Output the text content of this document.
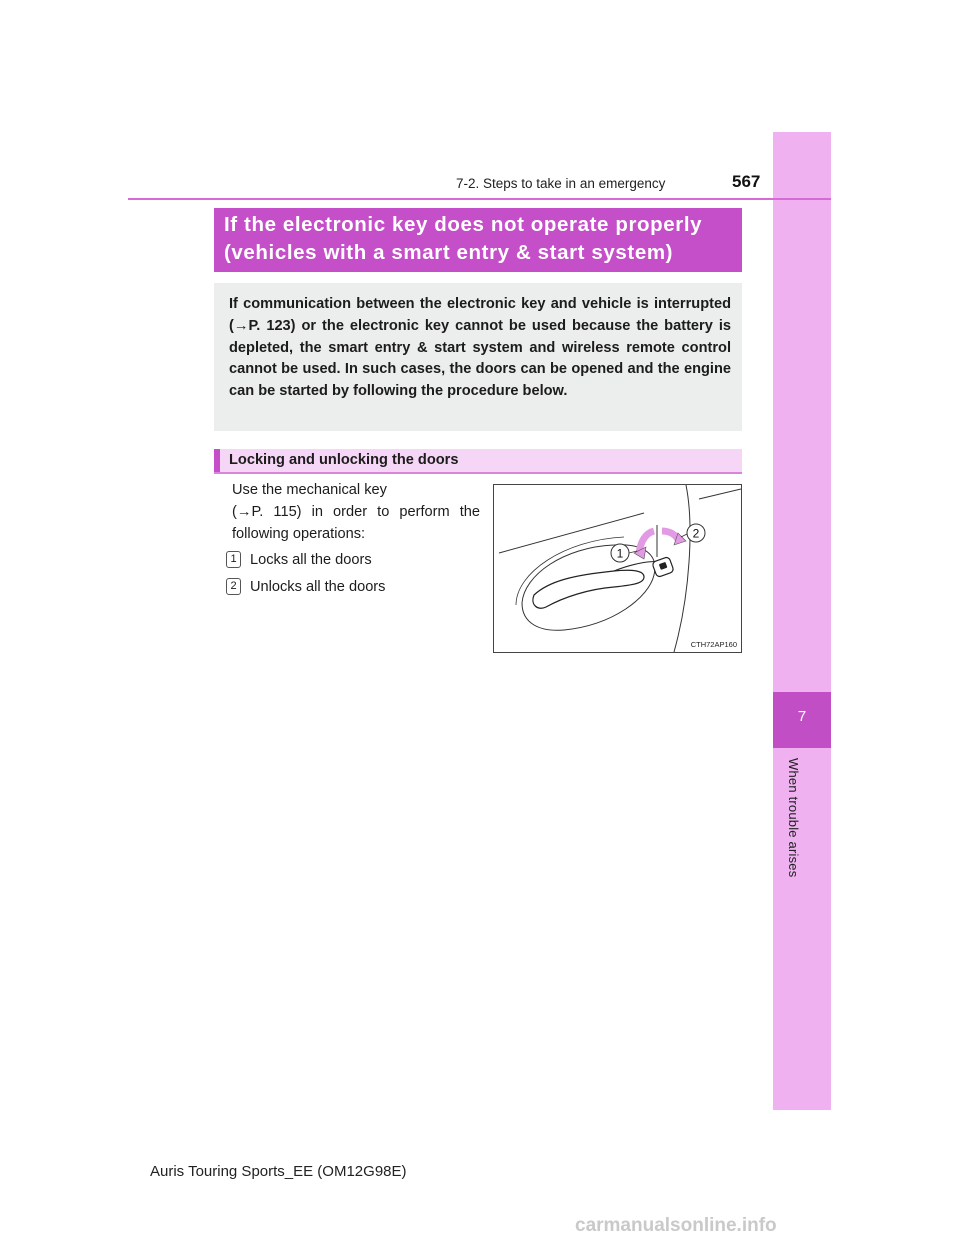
7
When trouble arises
7-2. Steps to take in an emergency	567
If the electronic key does not operate properly
(vehicles with a smart entry & start system)
If communication between the electronic key and vehicle is interrupted (→P. 123) or the electronic key cannot be used because the battery is depleted, the smart entry & start system and wireless remote control cannot be used. In such cases, the doors can be opened and the engine can be started by following the procedure below.
Locking and unlocking the doors
Use the mechanical key
(→P. 115) in order to perform the
following operations:
1 Locks all the doors
2 Unlocks all the doors
1
2
CTH72AP160
Auris Touring Sports_EE (OM12G98E)
carmanualsonline.info
